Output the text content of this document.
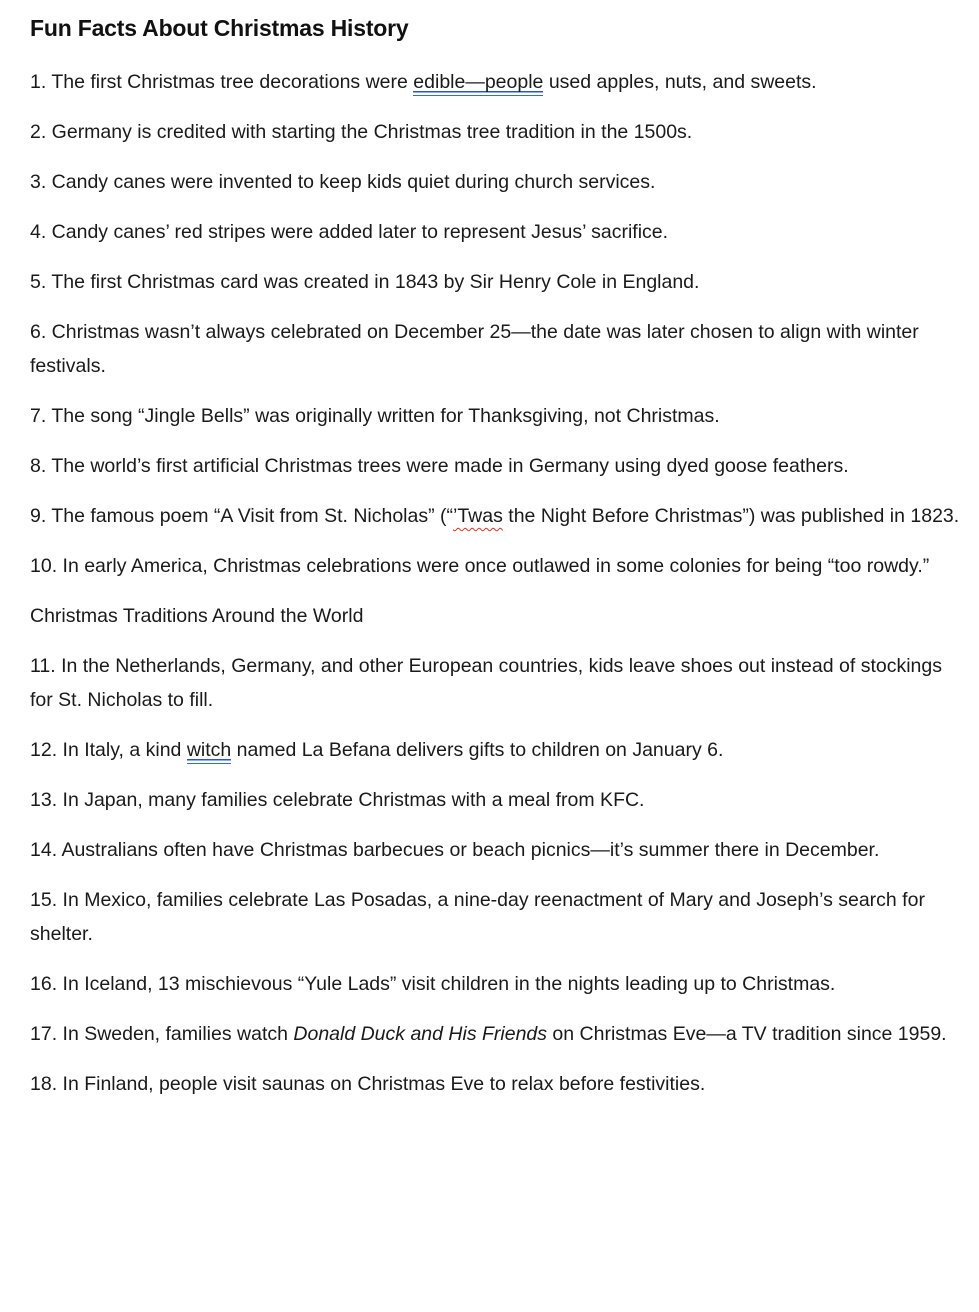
Fun Facts About Christmas History

1. The first Christmas tree decorations were edible—people used apples, nuts, and sweets.

2. Germany is credited with starting the Christmas tree tradition in the 1500s.

3. Candy canes were invented to keep kids quiet during church services.

4. Candy canes’ red stripes were added later to represent Jesus’ sacrifice.

5. The first Christmas card was created in 1843 by Sir Henry Cole in England.

6. Christmas wasn’t always celebrated on December 25—the date was later chosen to align with winter festivals.

7. The song “Jingle Bells” was originally written for Thanksgiving, not Christmas.

8. The world’s first artificial Christmas trees were made in Germany using dyed goose feathers.

9. The famous poem “A Visit from St. Nicholas” (“’Twas the Night Before Christmas”) was published in 1823.

10. In early America, Christmas celebrations were once outlawed in some colonies for being “too rowdy.”

Christmas Traditions Around the World

11. In the Netherlands, Germany, and other European countries, kids leave shoes out instead of stockings for St. Nicholas to fill.

12. In Italy, a kind witch named La Befana delivers gifts to children on January 6.

13. In Japan, many families celebrate Christmas with a meal from KFC.

14. Australians often have Christmas barbecues or beach picnics—it’s summer there in December.

15. In Mexico, families celebrate Las Posadas, a nine-day reenactment of Mary and Joseph’s search for shelter.

16. In Iceland, 13 mischievous “Yule Lads” visit children in the nights leading up to Christmas.

17. In Sweden, families watch Donald Duck and His Friends on Christmas Eve—a TV tradition since 1959.

18. In Finland, people visit saunas on Christmas Eve to relax before festivities.
